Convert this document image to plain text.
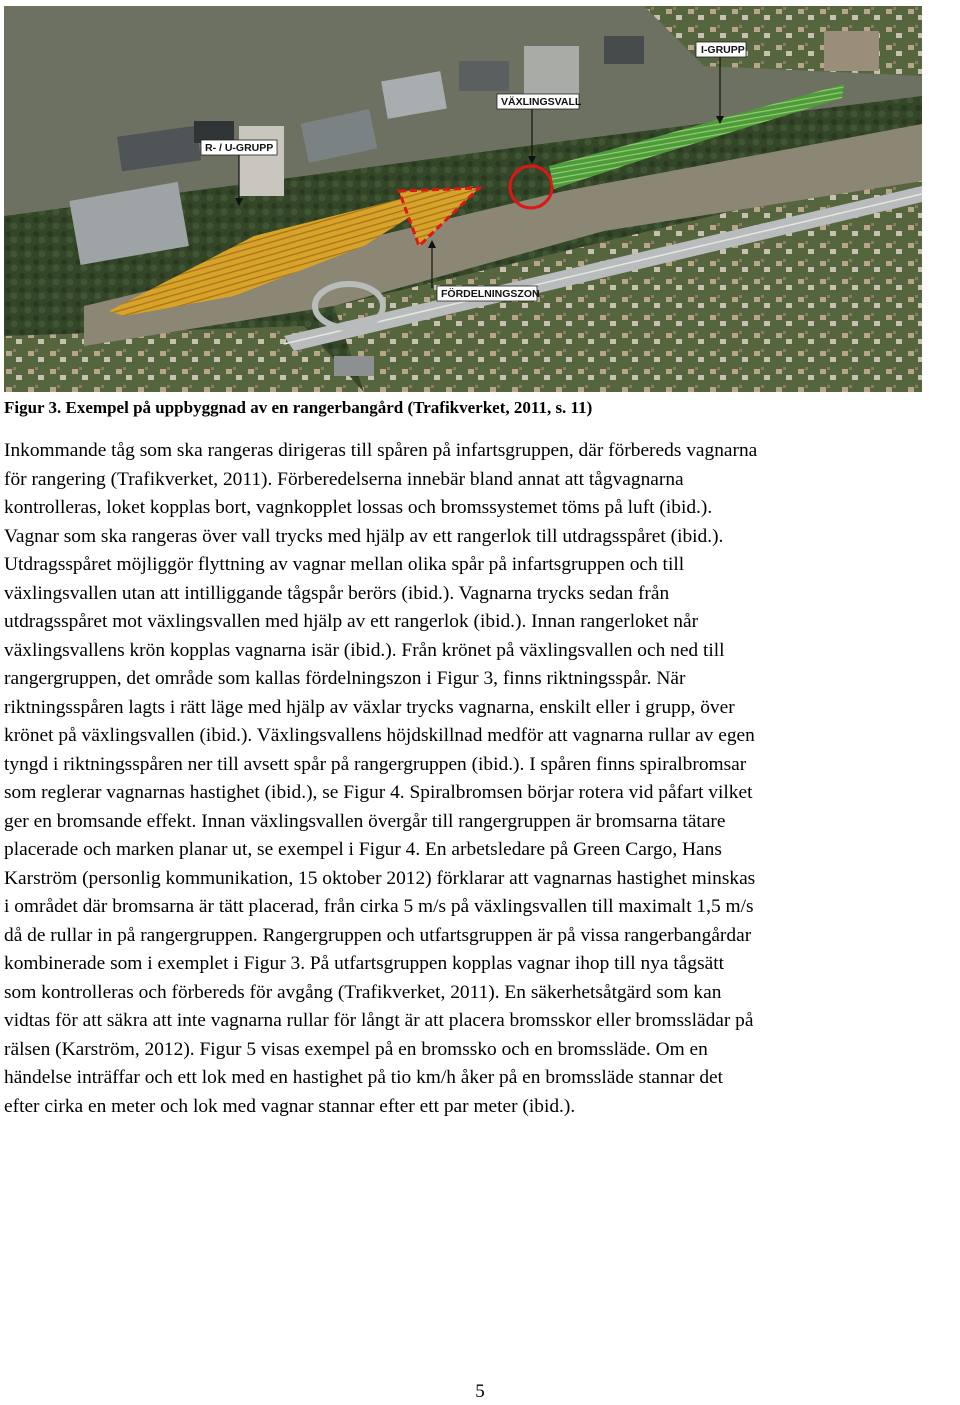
R- / U-GRUPP
VÄXLINGSVALL
I-GRUPP
FÖRDELNINGSZON
Figur 3. Exempel på uppbyggnad av en rangerbangård (Trafikverket, 2011, s. 11)
Inkommande tåg som ska rangeras dirigeras till spåren på infartsgruppen, där förbereds vagnarna
för rangering (Trafikverket, 2011). Förberedelserna innebär bland annat att tågvagnarna
kontrolleras, loket kopplas bort, vagnkopplet lossas och bromssystemet töms på luft (ibid.).
Vagnar som ska rangeras över vall trycks med hjälp av ett rangerlok till utdragsspåret (ibid.).
Utdragsspåret möjliggör flyttning av vagnar mellan olika spår på infartsgruppen och till
växlingsvallen utan att intilliggande tågspår berörs (ibid.). Vagnarna trycks sedan från
utdragsspåret mot växlingsvallen med hjälp av ett rangerlok (ibid.). Innan rangerloket når
växlingsvallens krön kopplas vagnarna isär (ibid.). Från krönet på växlingsvallen och ned till
rangergruppen, det område som kallas fördelningszon i Figur 3, finns riktningsspår. När
riktningsspåren lagts i rätt läge med hjälp av växlar trycks vagnarna, enskilt eller i grupp, över
krönet på växlingsvallen (ibid.). Växlingsvallens höjdskillnad medför att vagnarna rullar av egen
tyngd i riktningsspåren ner till avsett spår på rangergruppen (ibid.). I spåren finns spiralbromsar
som reglerar vagnarnas hastighet (ibid.), se Figur 4. Spiralbromsen börjar rotera vid påfart vilket
ger en bromsande effekt. Innan växlingsvallen övergår till rangergruppen är bromsarna tätare
placerade och marken planar ut, se exempel i Figur 4. En arbetsledare på Green Cargo, Hans
Karström (personlig kommunikation, 15 oktober 2012) förklarar att vagnarnas hastighet minskas
i området där bromsarna är tätt placerad, från cirka 5 m/s på växlingsvallen till maximalt 1,5 m/s
då de rullar in på rangergruppen. Rangergruppen och utfartsgruppen är på vissa rangerbangårdar
kombinerade som i exemplet i Figur 3. På utfartsgruppen kopplas vagnar ihop till nya tågsätt
som kontrolleras och förbereds för avgång (Trafikverket, 2011). En säkerhetsåtgärd som kan
vidtas för att säkra att inte vagnarna rullar för långt är att placera bromsskor eller bromsslädar på
rälsen (Karström, 2012). Figur 5 visas exempel på en bromssko och en bromssläde. Om en
händelse inträffar och ett lok med en hastighet på tio km/h åker på en bromssläde stannar det
efter cirka en meter och lok med vagnar stannar efter ett par meter (ibid.).
5
